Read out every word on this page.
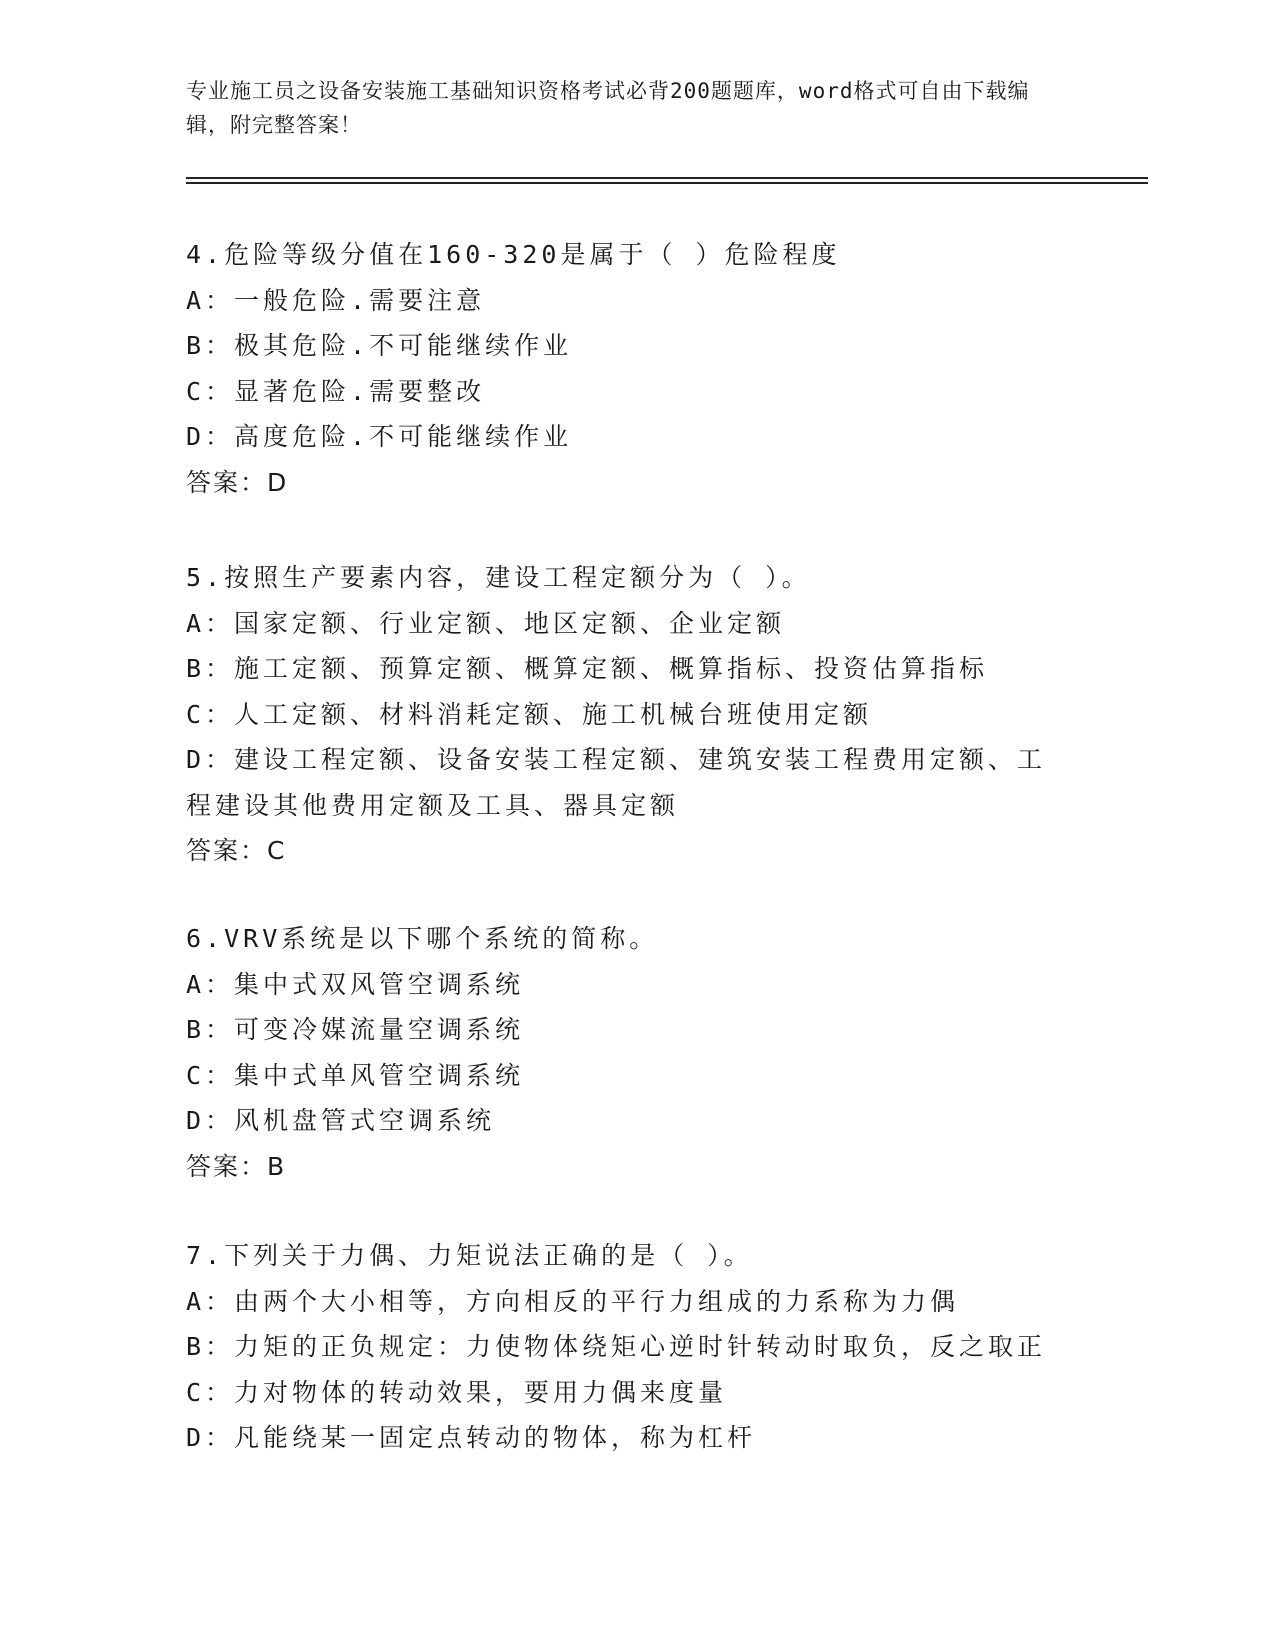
专业施工员之设备安装施工基础知识资格考试必背200题题库，word格式可自由下载编辑，附完整答案！
4.危险等级分值在160-320是属于（ ）危险程度
A：一般危险.需要注意
B：极其危险.不可能继续作业
C：显著危险.需要整改
D：高度危险.不可能继续作业
答案：D
5.按照生产要素内容，建设工程定额分为（ ）。
A：国家定额、行业定额、地区定额、企业定额
B：施工定额、预算定额、概算定额、概算指标、投资估算指标
C：人工定额、材料消耗定额、施工机械台班使用定额
D：建设工程定额、设备安装工程定额、建筑安装工程费用定额、工程建设其他费用定额及工具、器具定额
答案：C
6.VRV系统是以下哪个系统的简称。
A：集中式双风管空调系统
B：可变冷媒流量空调系统
C：集中式单风管空调系统
D：风机盘管式空调系统
答案：B
7.下列关于力偶、力矩说法正确的是（ ）。
A：由两个大小相等，方向相反的平行力组成的力系称为力偶
B：力矩的正负规定：力使物体绕矩心逆时针转动时取负，反之取正
C：力对物体的转动效果，要用力偶来度量
D：凡能绕某一固定点转动的物体，称为杠杆
